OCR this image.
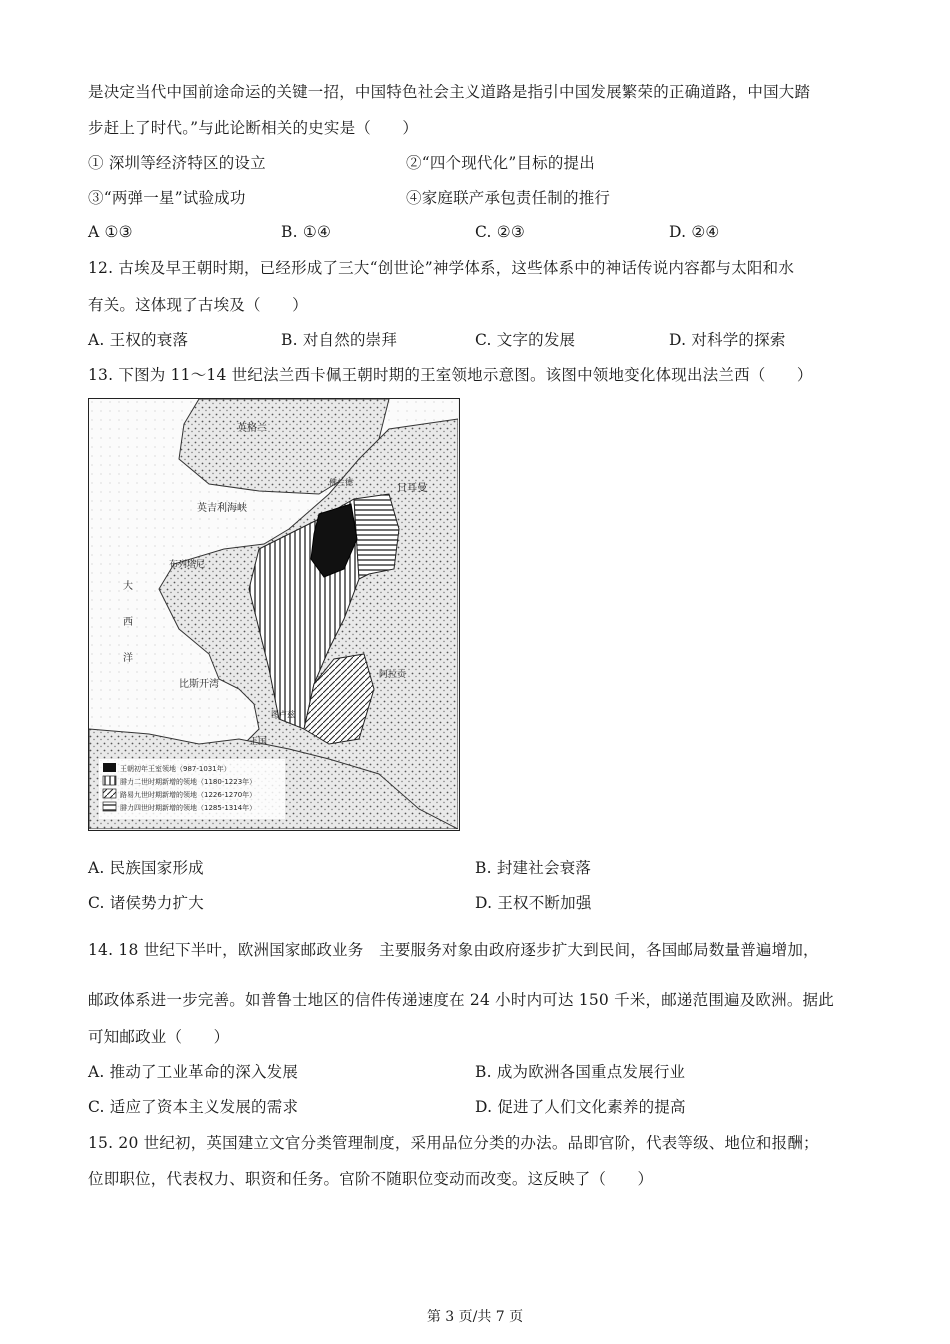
是决定当代中国前途命运的关键一招，中国特色社会主义道路是指引中国发展繁荣的正确道路，中国大踏
步赶上了时代。”与此论断相关的史实是（　　）
① 深圳等经济特区的设立	②“四个现代化”目标的提出
③“两弹一星”试验成功	④家庭联产承包责任制的推行
A ①③	B. ①④	C. ②③	D. ②④
12. 古埃及早王朝时期，已经形成了三大“创世论”神学体系，这些体系中的神话传说内容都与太阳和水
有关。这体现了古埃及（　　）
A. 王权的衰落	B. 对自然的崇拜	C. 文字的发展	D. 对科学的探索
13. 下图为 11～14 世纪法兰西卡佩王朝时期的王室领地示意图。该图中领地变化体现出法兰西（　　）
英格兰
英吉利海峡
日耳曼
佛兰德
布列塔尼
大
西
洋
比斯开湾
图卢兹
阿拉贡
王国
王朝初年王室领地（987-1031年）
腓力二世时期新增的领地（1180-1223年）
路易九世时期新增的领地（1226-1270年）
腓力四世时期新增的领地（1285-1314年）
A. 民族国家形成	B. 封建社会衰落
C. 诸侯势力扩大	D. 王权不断加强
14. 18 世纪下半叶，欧洲国家邮政业务　主要服务对象由政府逐步扩大到民间，各国邮局数量普遍增加，
邮政体系进一步完善。如普鲁士地区的信件传递速度在 24 小时内可达 150 千米，邮递范围遍及欧洲。据此
可知邮政业（　　）
A. 推动了工业革命的深入发展	B. 成为欧洲各国重点发展行业
C. 适应了资本主义发展的需求	D. 促进了人们文化素养的提高
15. 20 世纪初，英国建立文官分类管理制度，采用品位分类的办法。品即官阶，代表等级、地位和报酬；
位即职位，代表权力、职资和任务。官阶不随职位变动而改变。这反映了（　　）
第 3 页/共 7 页
